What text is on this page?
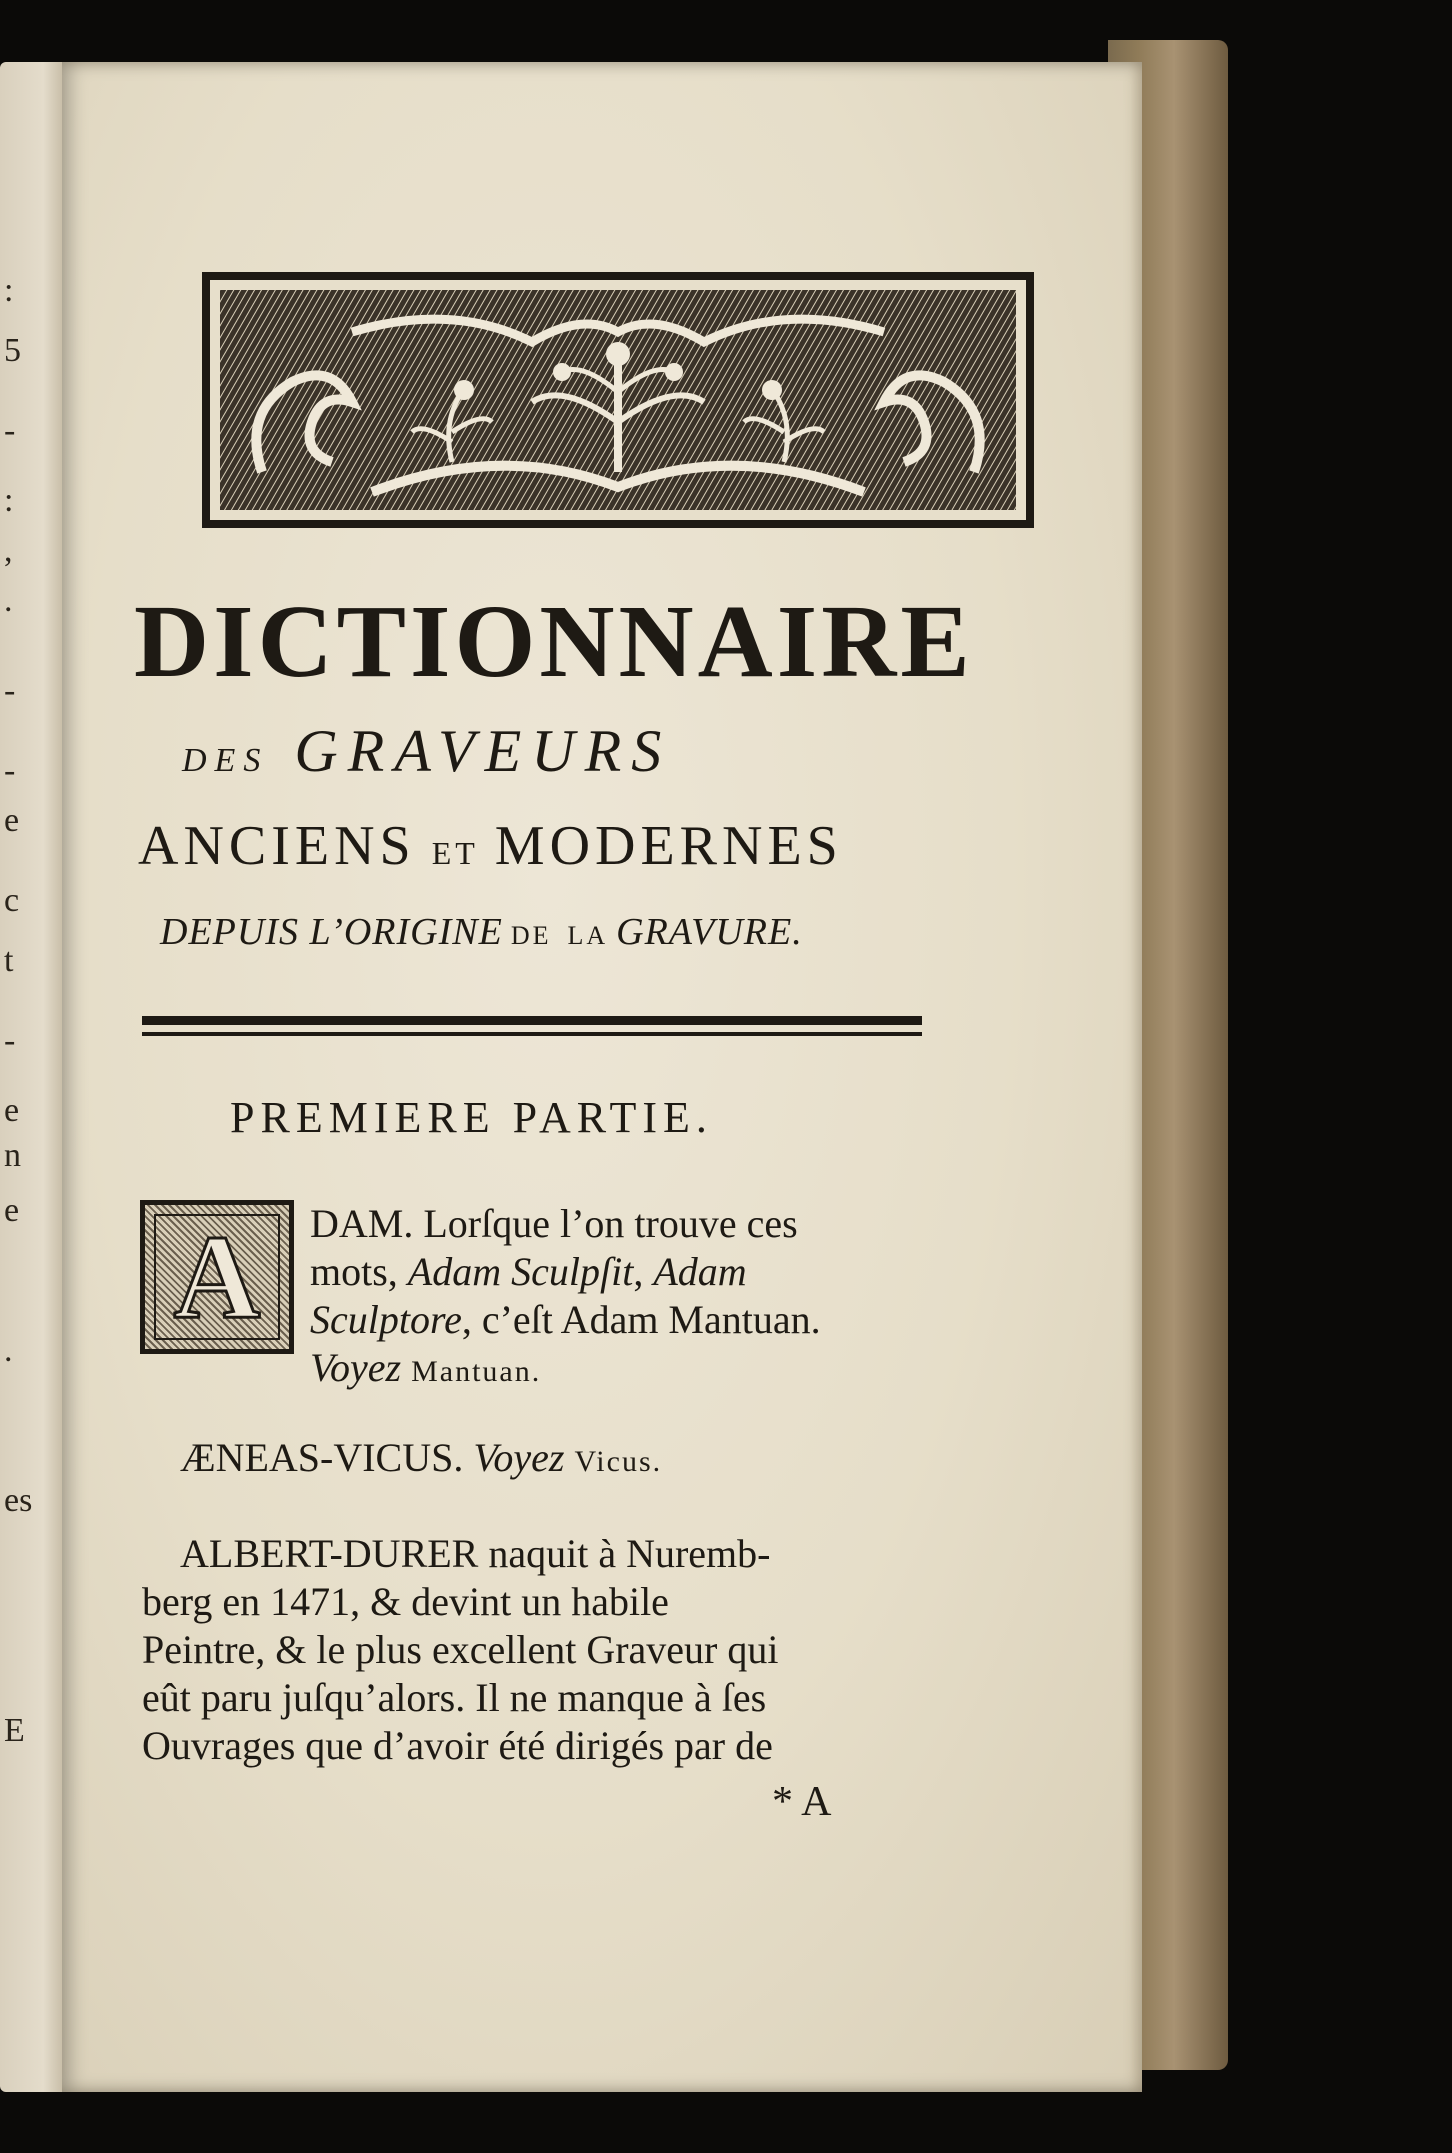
:
5
-
:
,
.
-
-
e
c
t
-
e
n
e
.
es
E
DICTIONNAIRE
DES GRAVEURS
ANCIENS ET MODERNES
DEPUIS L’ORIGINE DE LA GRAVURE.
PREMIERE PARTIE.
A DAM. Lorſque l’on trouve ces
mots, Adam Sculpſit, Adam
Sculptore, c’eſt Adam Mantuan.
Voyez Mantuan.
ÆNEAS-VICUS. Voyez Vicus.
ALBERT-DURER naquit à Nuremb-
berg en 1471, & devint un habile
Peintre, & le plus excellent Graveur qui
eût paru juſqu’alors. Il ne manque à ſes
Ouvrages que d’avoir été dirigés par de
* A
